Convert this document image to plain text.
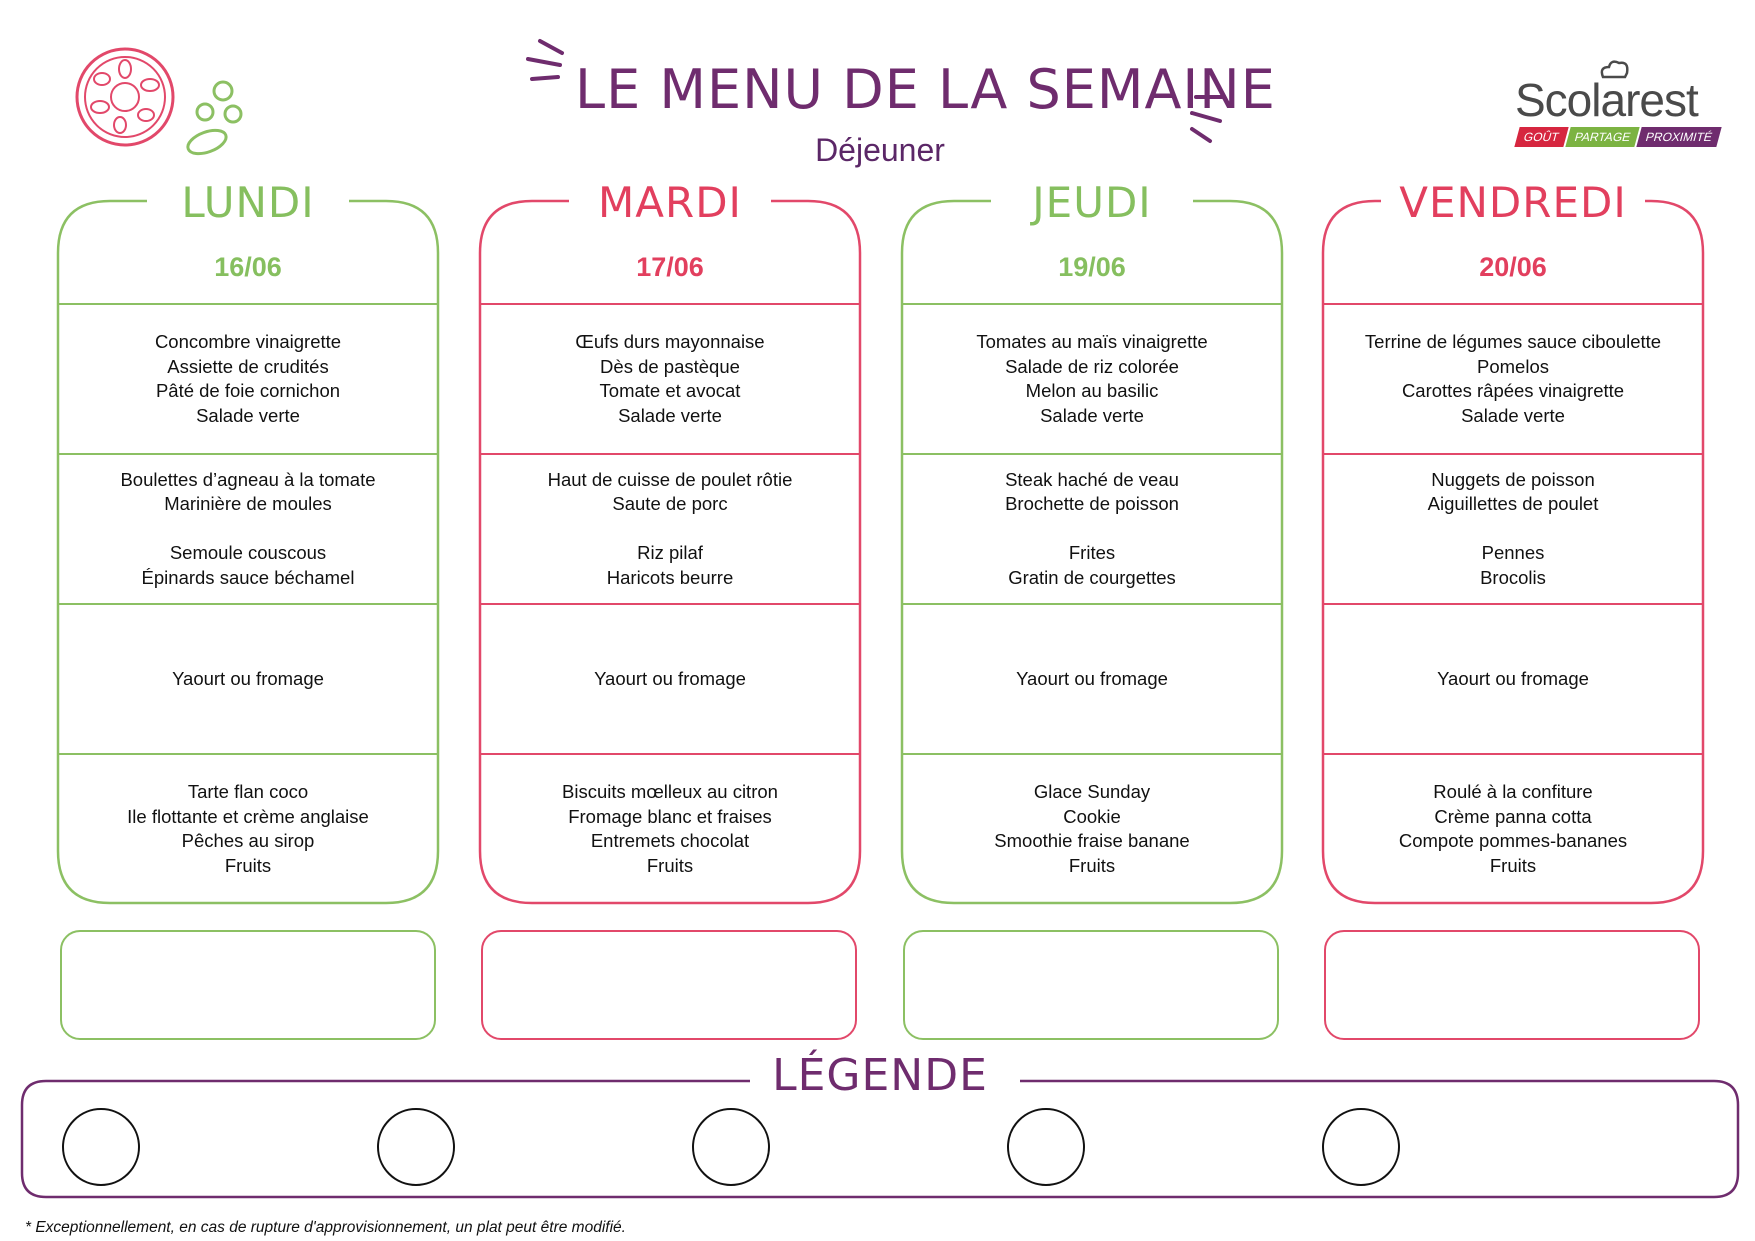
LE MENU DE LA SEMAINE
Déjeuner
Scolarest
GOÛT	PARTAGE	PROXIMITÉ
LUNDI
16/06
Concombre vinaigrette
Assiette de crudités
Pâté de foie cornichon
Salade verte
Boulettes d’agneau à la tomate
Marinière de moules
Semoule couscous
Épinards sauce béchamel
Yaourt ou fromage
Tarte flan coco
Ile flottante et crème anglaise
Pêches au sirop
Fruits
MARDI
17/06
Œufs durs mayonnaise
Dès de pastèque
Tomate et avocat
Salade verte
Haut de cuisse de poulet rôtie
Saute de porc
Riz pilaf
Haricots beurre
Yaourt ou fromage
Biscuits mœlleux au citron
Fromage blanc et fraises
Entremets chocolat
Fruits
JEUDI
19/06
Tomates au maïs vinaigrette
Salade de riz colorée
Melon au basilic
Salade verte
Steak haché de veau
Brochette de poisson
Frites
Gratin de courgettes
Yaourt ou fromage
Glace Sunday
Cookie
Smoothie fraise banane
Fruits
VENDREDI
20/06
Terrine de légumes sauce ciboulette
Pomelos
Carottes râpées vinaigrette
Salade verte
Nuggets de poisson
Aiguillettes de poulet
Pennes
Brocolis
Yaourt ou fromage
Roulé à la confiture
Crème panna cotta
Compote pommes-bananes
Fruits
LÉGENDE
* Exceptionnellement, en cas de rupture d'approvisionnement, un plat peut être modifié.
